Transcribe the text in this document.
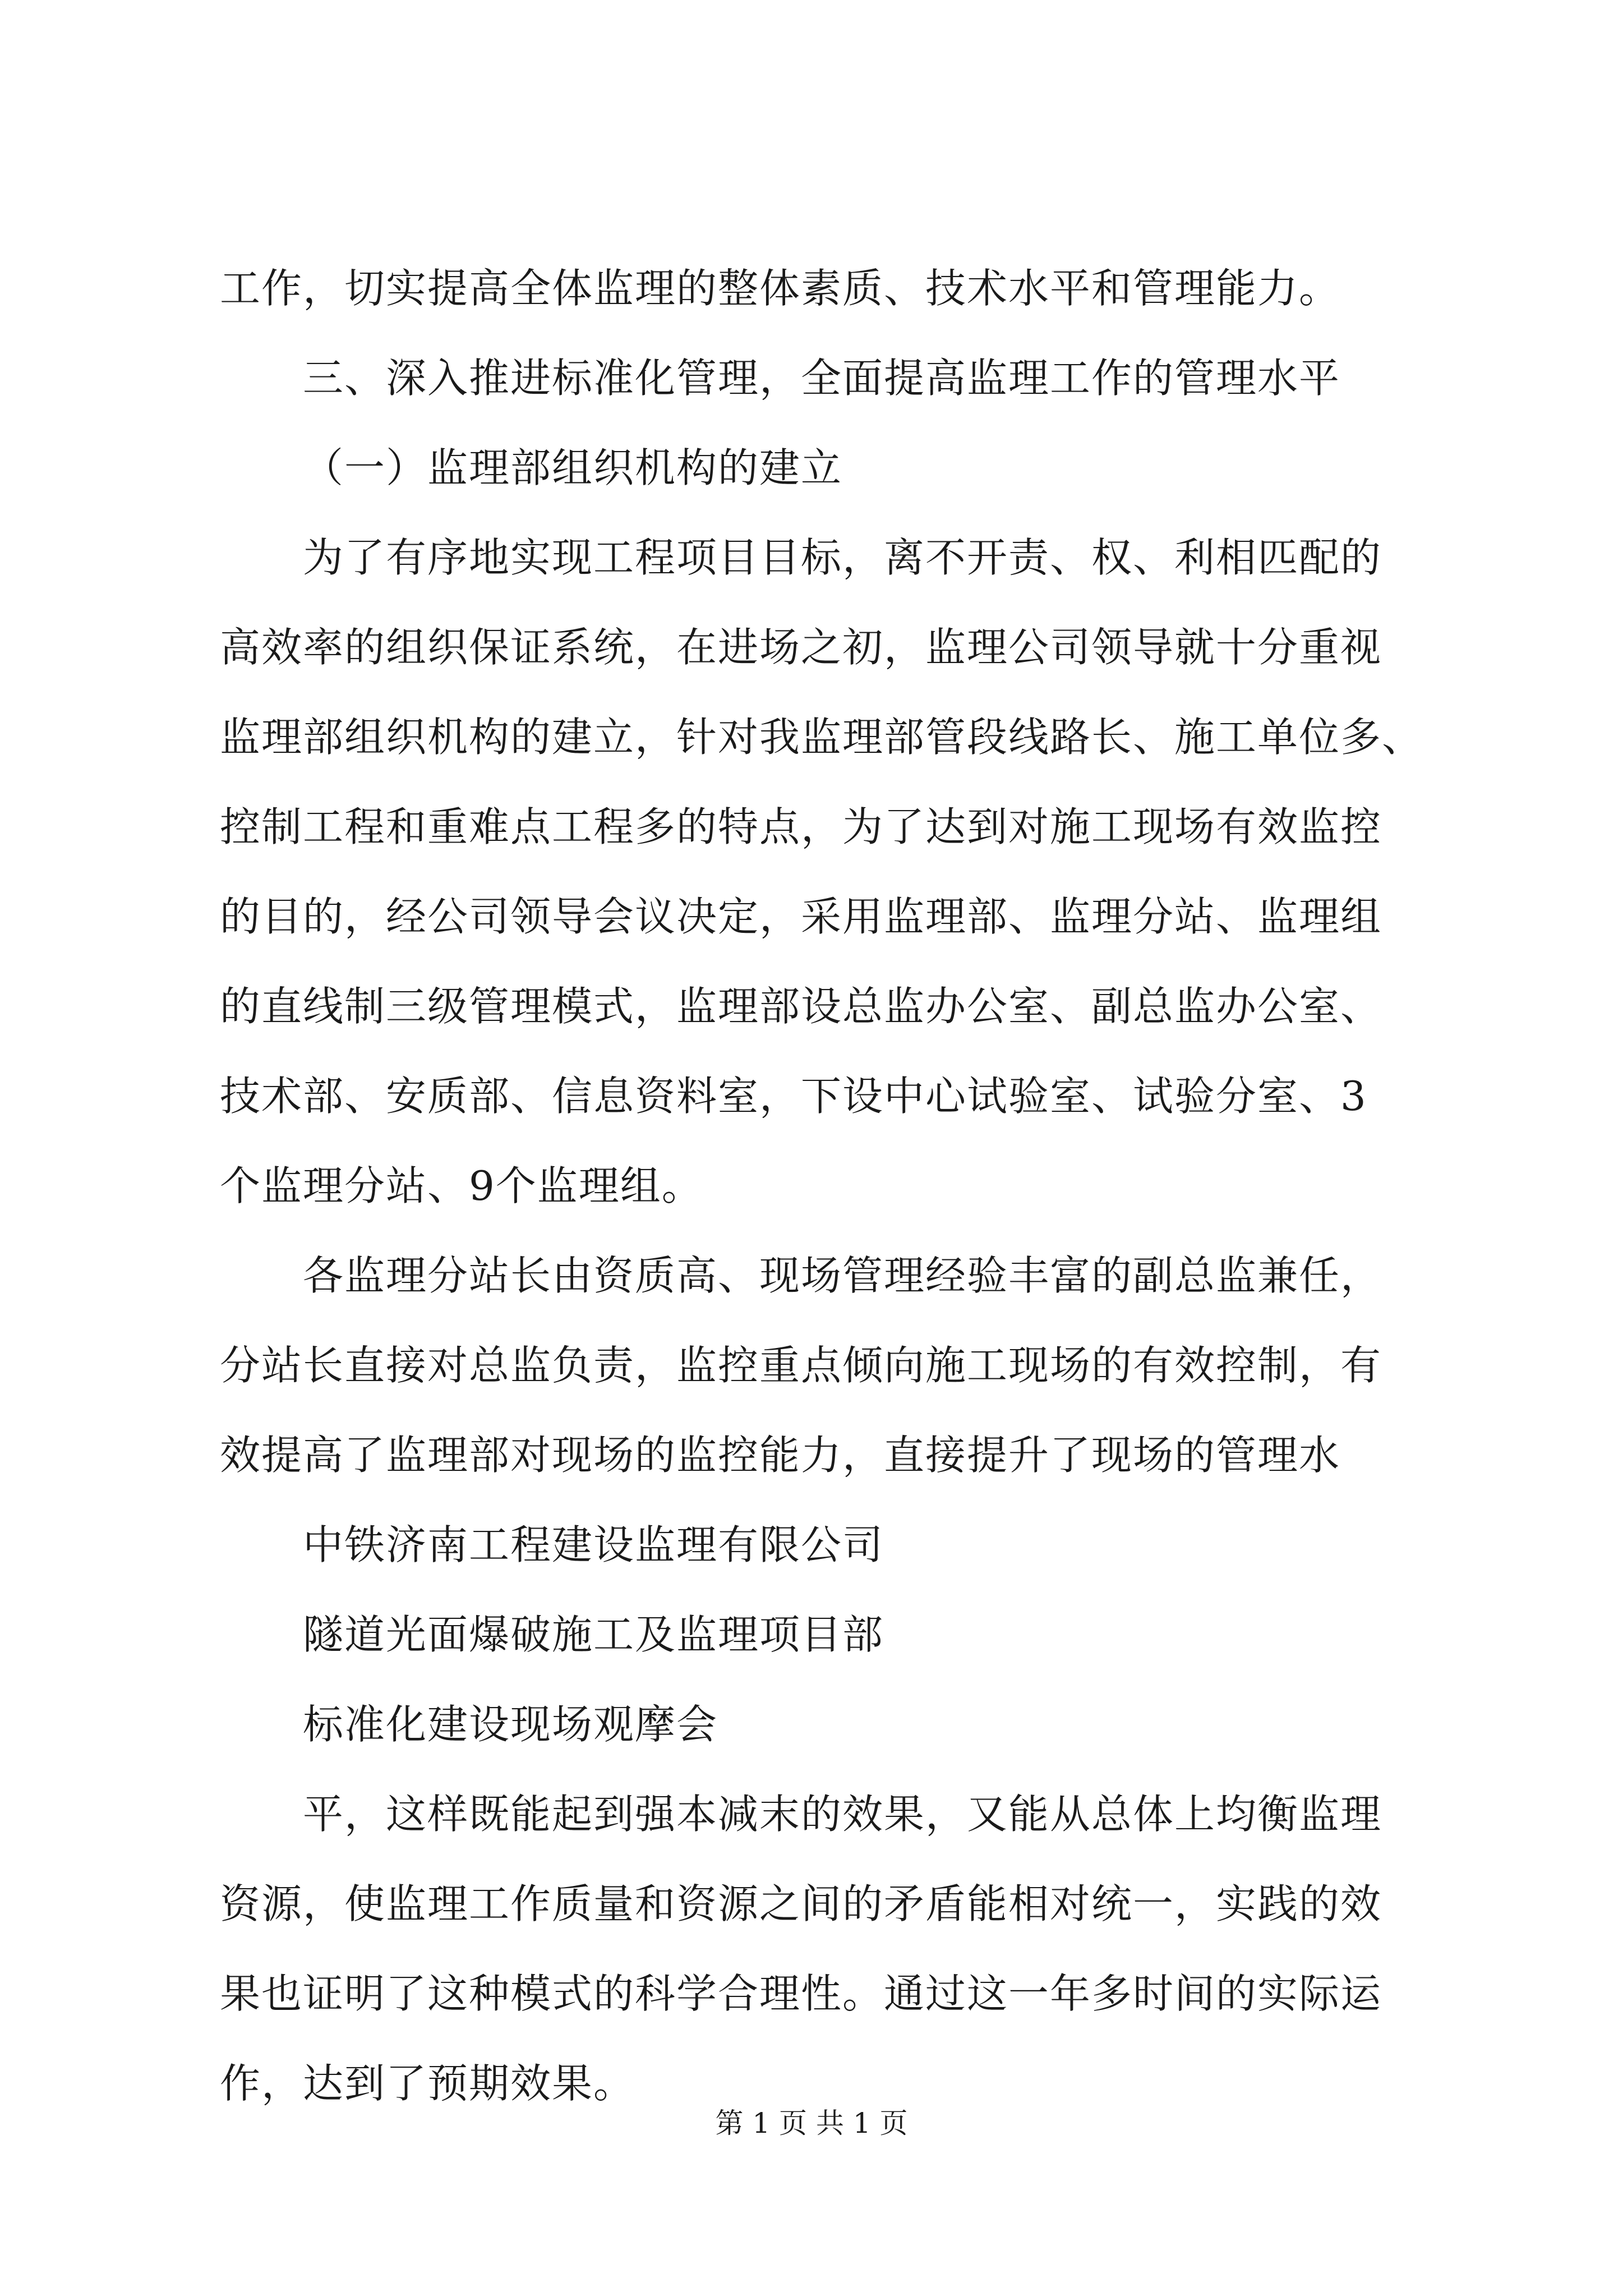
工作，切实提高全体监理的整体素质、技术水平和管理能力。
三、深入推进标准化管理，全面提高监理工作的管理水平
（一）监理部组织机构的建立
为了有序地实现工程项目目标，离不开责、权、利相匹配的
高效率的组织保证系统，在进场之初，监理公司领导就十分重视
监理部组织机构的建立，针对我监理部管段线路长、施工单位多、
控制工程和重难点工程多的特点，为了达到对施工现场有效监控
的目的，经公司领导会议决定，采用监理部、监理分站、监理组
的直线制三级管理模式，监理部设总监办公室、副总监办公室、
技术部、安质部、信息资料室，下设中心试验室、试验分室、3
个监理分站、9个监理组。
各监理分站长由资质高、现场管理经验丰富的副总监兼任，
分站长直接对总监负责，监控重点倾向施工现场的有效控制，有
效提高了监理部对现场的监控能力，直接提升了现场的管理水
中铁济南工程建设监理有限公司
隧道光面爆破施工及监理项目部
标准化建设现场观摩会
平，这样既能起到强本减末的效果，又能从总体上均衡监理
资源，使监理工作质量和资源之间的矛盾能相对统一，实践的效
果也证明了这种模式的科学合理性。通过这一年多时间的实际运
作，达到了预期效果。
第 1 页 共 1 页
